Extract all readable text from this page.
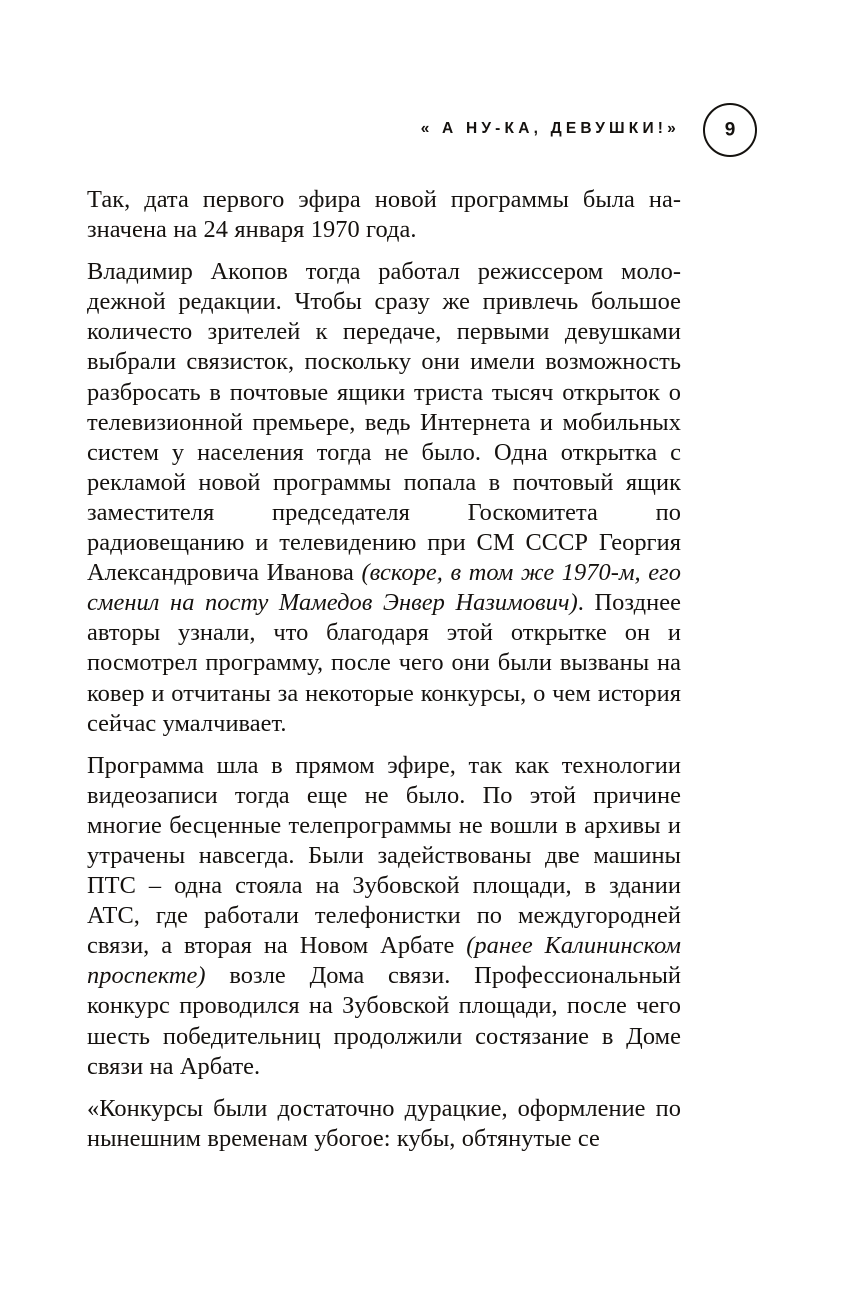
« А НУ-КА, ДЕВУШКИ!» 9

Так, дата первого эфира новой программы была назначена на 24 января 1970 года.

Владимир Акопов тогда работал режиссером молодежной редакции. Чтобы сразу же привлечь большое количесто зрителей к передаче, первыми девушками выбрали связисток, поскольку они имели возможность разбросать в почтовые ящики триста тысяч открыток о телевизионной премьере, ведь Интернета и мобильных систем у населения тогда не было. Одна открытка с рекламой новой программы попала в почтовый ящик заместителя председателя Госкомитета по радиовещанию и телевидению при СМ СССР Георгия Александровича Иванова (вскоре, в том же 1970-м, его сменил на посту Мамедов Энвер Назимович). Позднее авторы узнали, что благодаря этой открытке он и посмотрел программу, после чего они были вызваны на ковер и отчитаны за некоторые конкурсы, о чем история сейчас умалчивает.

Программа шла в прямом эфире, так как технологии видеозаписи тогда еще не было. По этой причине многие бесценные телепрограммы не вошли в архивы и утрачены навсегда. Были задействованы две машины ПТС – одна стояла на Зубовской площади, в здании АТС, где работали телефонистки по междугородней связи, а вторая на Новом Арбате (ранее Калининском проспекте) возле Дома связи. Профессиональный конкурс проводился на Зубовской площади, после чего шесть победительниц продолжили состязание в Доме связи на Арбате.

«Конкурсы были достаточно дурацкие, оформление по нынешним временам убогое: кубы, обтянутые се
